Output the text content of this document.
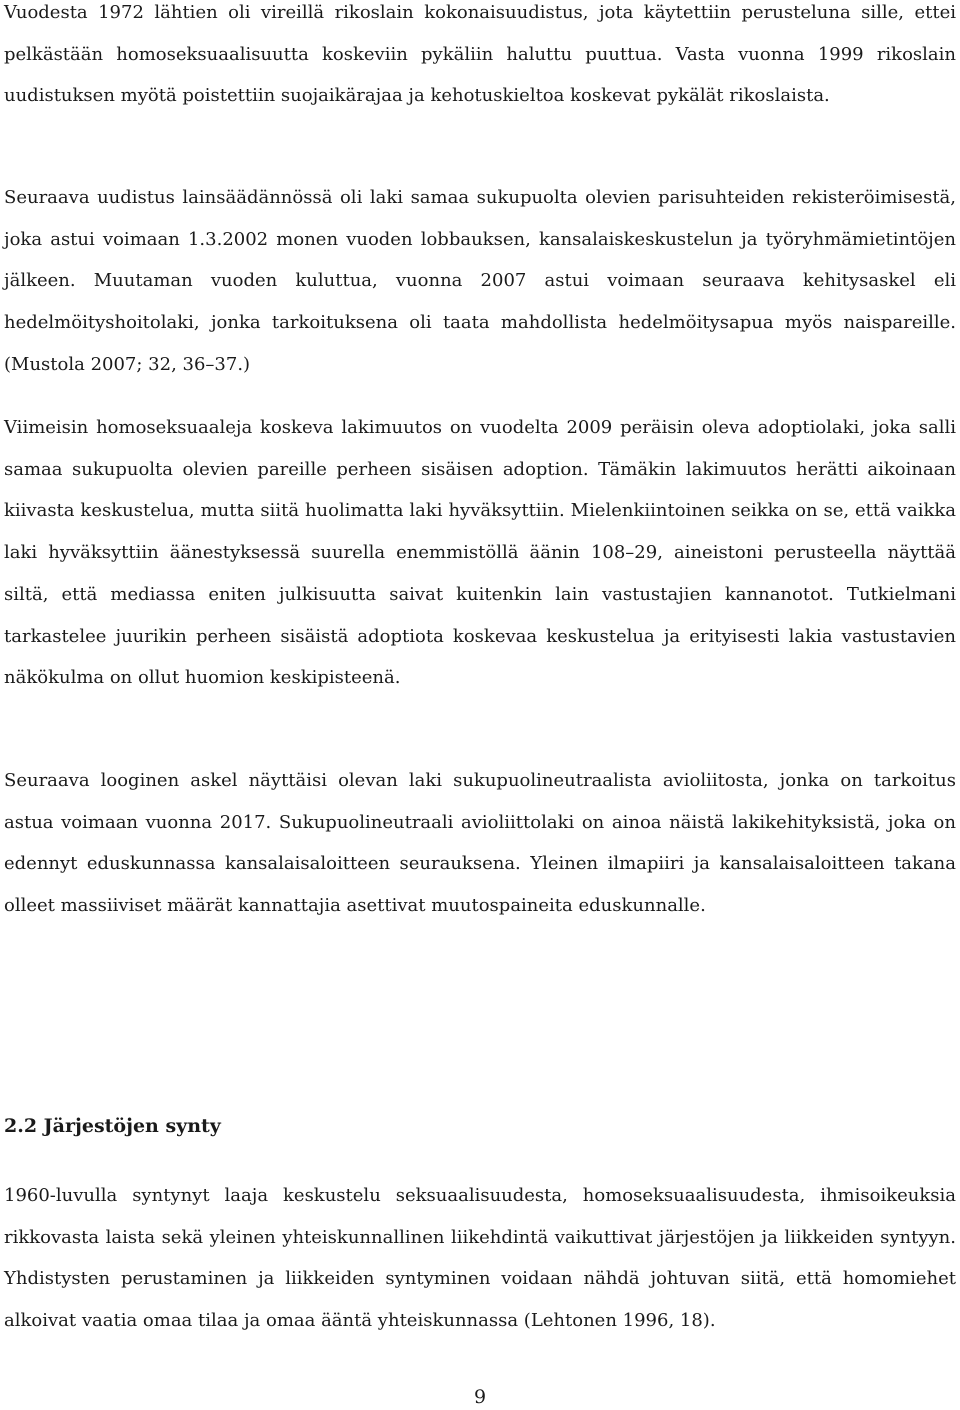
Vuodesta 1972 lähtien oli vireillä rikoslain kokonaisuudistus, jota käytettiin perusteluna sille, ettei pelkästään homoseksuaalisuutta koskeviin pykäliin haluttu puuttua. Vasta vuonna 1999 rikoslain uudistuksen myötä poistettiin suojaikärajaa ja kehotuskieltoa koskevat pykälät rikoslaista.

Seuraava uudistus lainsäädännössä oli laki samaa sukupuolta olevien parisuhteiden rekisteröimisestä, joka astui voimaan 1.3.2002 monen vuoden lobbauksen, kansalaiskeskustelun ja työryhmämietintöjen jälkeen. Muutaman vuoden kuluttua, vuonna 2007 astui voimaan seuraava kehitysaskel eli hedelmöityshoitolaki, jonka tarkoituksena oli taata mahdollista hedelmöitysapua myös naispareille. (Mustola 2007; 32, 36–37.)

Viimeisin homoseksuaaleja koskeva lakimuutos on vuodelta 2009 peräisin oleva adoptiolaki, joka salli samaa sukupuolta olevien pareille perheen sisäisen adoption. Tämäkin lakimuutos herätti aikoinaan kiivasta keskustelua, mutta siitä huolimatta laki hyväksyttiin. Mielenkiintoinen seikka on se, että vaikka laki hyväksyttiin äänestyksessä suurella enemmistöllä äänin 108–29, aineistoni perusteella näyttää siltä, että mediassa eniten julkisuutta saivat kuitenkin lain vastustajien kannanotot. Tutkielmani tarkastelee juurikin perheen sisäistä adoptiota koskevaa keskustelua ja erityisesti lakia vastustavien näkökulma on ollut huomion keskipisteenä.

Seuraava looginen askel näyttäisi olevan laki sukupuolineutraalista avioliitosta, jonka on tarkoitus astua voimaan vuonna 2017. Sukupuolineutraali avioliittolaki on ainoa näistä lakikehityksistä, joka on edennyt eduskunnassa kansalaisaloitteen seurauksena. Yleinen ilmapiiri ja kansalaisaloitteen takana olleet massiiviset määrät kannattajia asettivat muutospaineita eduskunnalle.

2.2 Järjestöjen synty

1960-luvulla syntynyt laaja keskustelu seksuaalisuudesta, homoseksuaalisuudesta, ihmisoikeuksia rikkovasta laista sekä yleinen yhteiskunnallinen liikehdintä vaikuttivat järjestöjen ja liikkeiden syntyyn. Yhdistysten perustaminen ja liikkeiden syntyminen voidaan nähdä johtuvan siitä, että homomiehet alkoivat vaatia omaa tilaa ja omaa ääntä yhteiskunnassa (Lehtonen 1996, 18).

9
